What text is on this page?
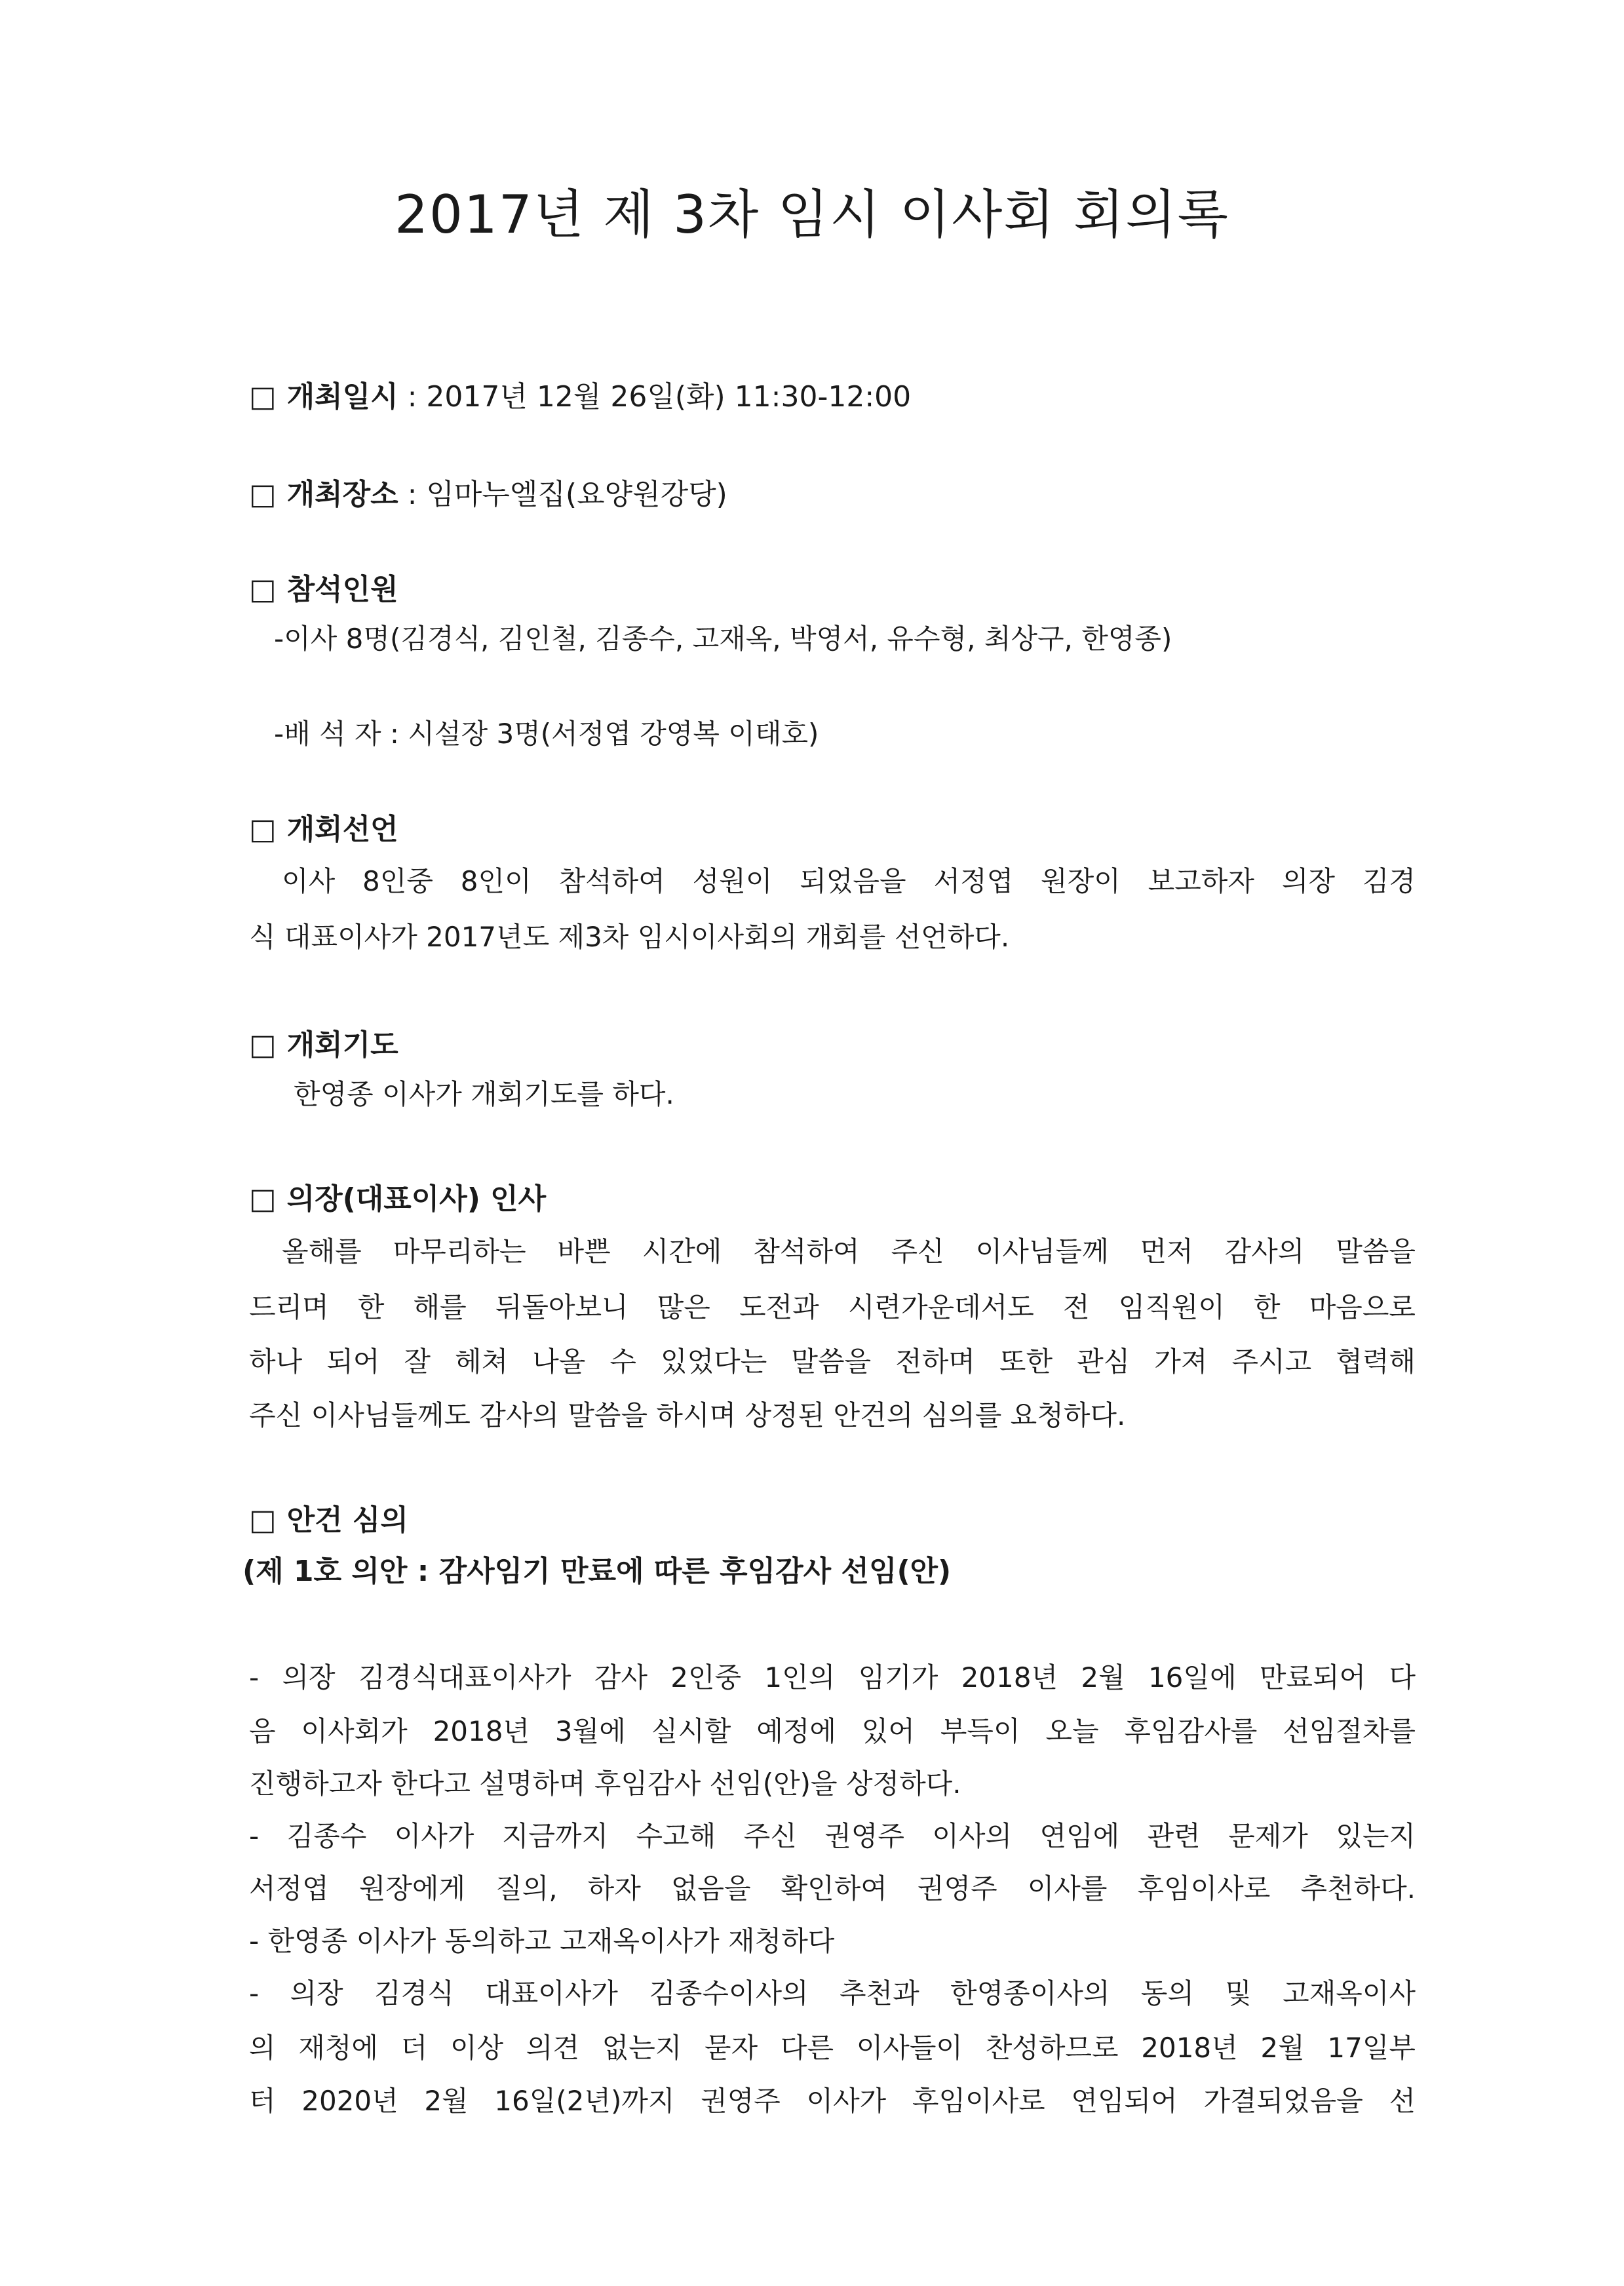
2017년 제 3차 임시 이사회 회의록
□ 개최일시 : 2017년 12월 26일(화) 11:30-12:00
□ 개최장소 : 임마누엘집(요양원강당)
□ 참석인원
-이사 8명(김경식, 김인철, 김종수, 고재옥, 박영서, 유수형, 최상구, 한영종)
-배 석 자 : 시설장 3명(서정엽 강영복 이태호)
□ 개회선언
이사 8인중 8인이 참석하여 성원이 되었음을 서정엽 원장이 보고하자 의장 김경
식 대표이사가 2017년도 제3차 임시이사회의 개회를 선언하다.
□ 개회기도
한영종 이사가 개회기도를 하다.
□ 의장(대표이사) 인사
올해를 마무리하는 바쁜 시간에 참석하여 주신 이사님들께 먼저 감사의 말씀을
드리며 한 해를 뒤돌아보니 많은 도전과 시련가운데서도 전 임직원이 한 마음으로
하나 되어 잘 헤쳐 나올 수 있었다는 말씀을 전하며 또한 관심 가져 주시고 협력해
주신 이사님들께도 감사의 말씀을 하시며 상정된 안건의 심의를 요청하다.
□ 안건 심의
(제 1호 의안 : 감사임기 만료에 따른 후임감사 선임(안)
- 의장 김경식대표이사가 감사 2인중 1인의 임기가 2018년 2월 16일에 만료되어 다
음 이사회가 2018년 3월에 실시할 예정에 있어 부득이 오늘 후임감사를 선임절차를
진행하고자 한다고 설명하며 후임감사 선임(안)을 상정하다.
- 김종수 이사가 지금까지 수고해 주신 권영주 이사의 연임에 관련 문제가 있는지
서정엽 원장에게 질의, 하자 없음을 확인하여 권영주 이사를 후임이사로 추천하다.
- 한영종 이사가 동의하고 고재옥이사가 재청하다
- 의장 김경식 대표이사가 김종수이사의 추천과 한영종이사의 동의 및 고재옥이사
의 재청에 더 이상 의견 없는지 묻자 다른 이사들이 찬성하므로 2018년 2월 17일부
터 2020년 2월 16일(2년)까지 권영주 이사가 후임이사로 연임되어 가결되었음을 선
